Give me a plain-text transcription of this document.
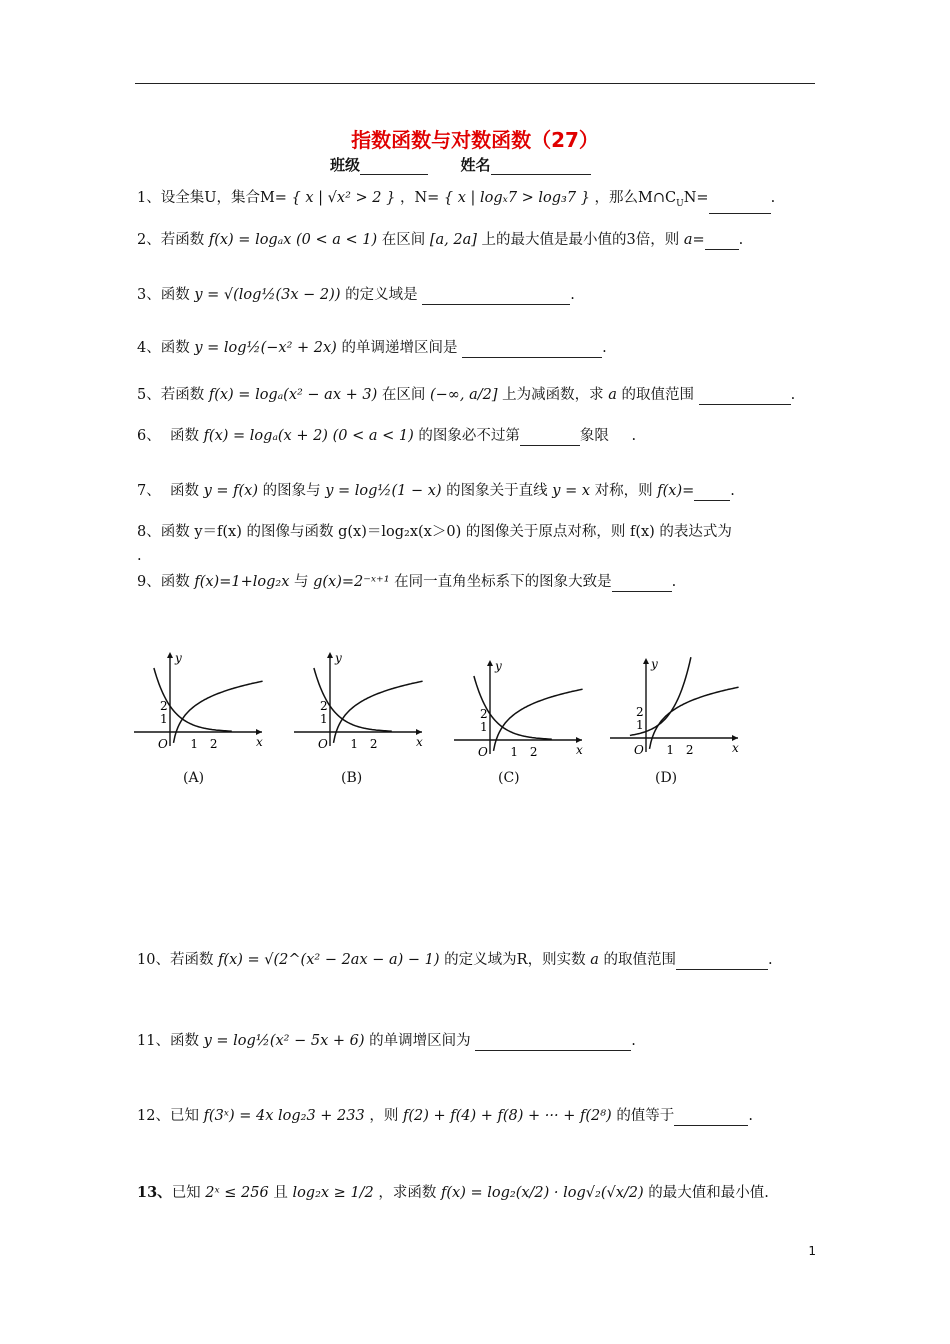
指数函数与对数函数（27）
班级	姓名
1、设全集U，集合M= { x | √x² > 2 } ，N= { x | logₓ7 > log₃7 } ，那么$M\cap C_UN=$	.
2、若函数 f(x) = logₐx (0 < a < 1) 在区间 [a, 2a] 上的最大值是最小值的3倍，则 a= .
3、函数 y = √(log½(3x − 2)) 的定义域是	.
4、函数 y = log½(−x² + 2x) 的单调递增区间是	.
5、若函数 f(x) = logₐ(x² − ax + 3) 在区间 (−∞, a/2] 上为减函数，求 a 的取值范围	.
6、 函数 f(x) = logₐ(x + 2) (0 < a < 1) 的图象必不过第	象限 .
7、 函数 y = f(x) 的图象与 y = log½(1 − x) 的图象关于直线 y = x 对称，则 f(x)= .
8、函数 y＝f(x) 的图像与函数 g(x)＝log₂x(x＞0) 的图像关于原点对称，则 f(x) 的表达式为
.
9、函数 f(x)=1+log₂x 与 g(x)=2⁻ˣ⁺¹ 在同一直角坐标系下的图象大致是	.
y
x
O
1
2
1 2
y
x
O
1
2
1 2
y
x
O
1
2
1 2
y
x
O
1
2
1 2
(A)	(B)	(C)	(D)
10、若函数 f(x) = √(2^(x² − 2ax − a) − 1) 的定义域为R，则实数 a 的取值范围	.
11、函数 y = log½(x² − 5x + 6) 的单调增区间为	.
12、已知 f(3ˣ) = 4x log₂3 + 233 ，则 f(2) + f(4) + f(8) + ··· + f(2⁸) 的值等于	.
13、已知 2ˣ ≤ 256 且 log₂x ≥ 1/2 ，求函数 f(x) = log₂(x/2) · log√₂(√x/2) 的最大值和最小值.
1
